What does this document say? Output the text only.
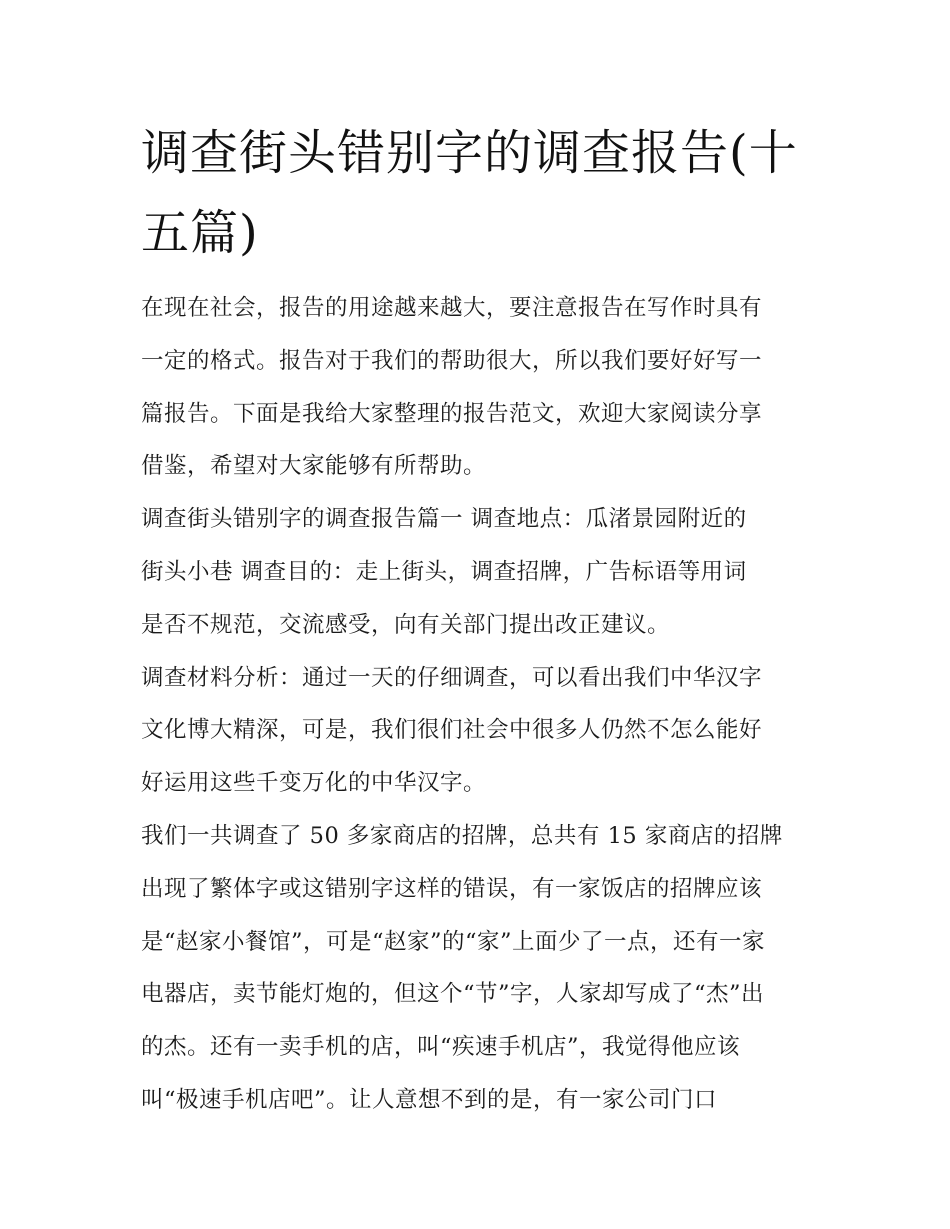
调查街头错别字的调查报告(十
五篇)

在现在社会，报告的用途越来越大，要注意报告在写作时具有
一定的格式。报告对于我们的帮助很大，所以我们要好好写一
篇报告。下面是我给大家整理的报告范文，欢迎大家阅读分享
借鉴，希望对大家能够有所帮助。

调查街头错别字的调查报告篇一 调查地点：瓜渚景园附近的
街头小巷 调查目的：走上街头，调查招牌，广告标语等用词
是否不规范，交流感受，向有关部门提出改正建议。

调查材料分析：通过一天的仔细调查，可以看出我们中华汉字
文化博大精深，可是，我们很们社会中很多人仍然不怎么能好
好运用这些千变万化的中华汉字。

我们一共调查了 50 多家商店的招牌，总共有 15 家商店的招牌
出现了繁体字或这错别字这样的错误，有一家饭店的招牌应该
是“赵家小餐馆”，可是“赵家”的“家”上面少了一点，还有一家
电器店，卖节能灯炮的，但这个“节”字，人家却写成了“杰”出
的杰。还有一卖手机的店，叫“疾速手机店”，我觉得他应该
叫“极速手机店吧”。让人意想不到的是，有一家公司门口
